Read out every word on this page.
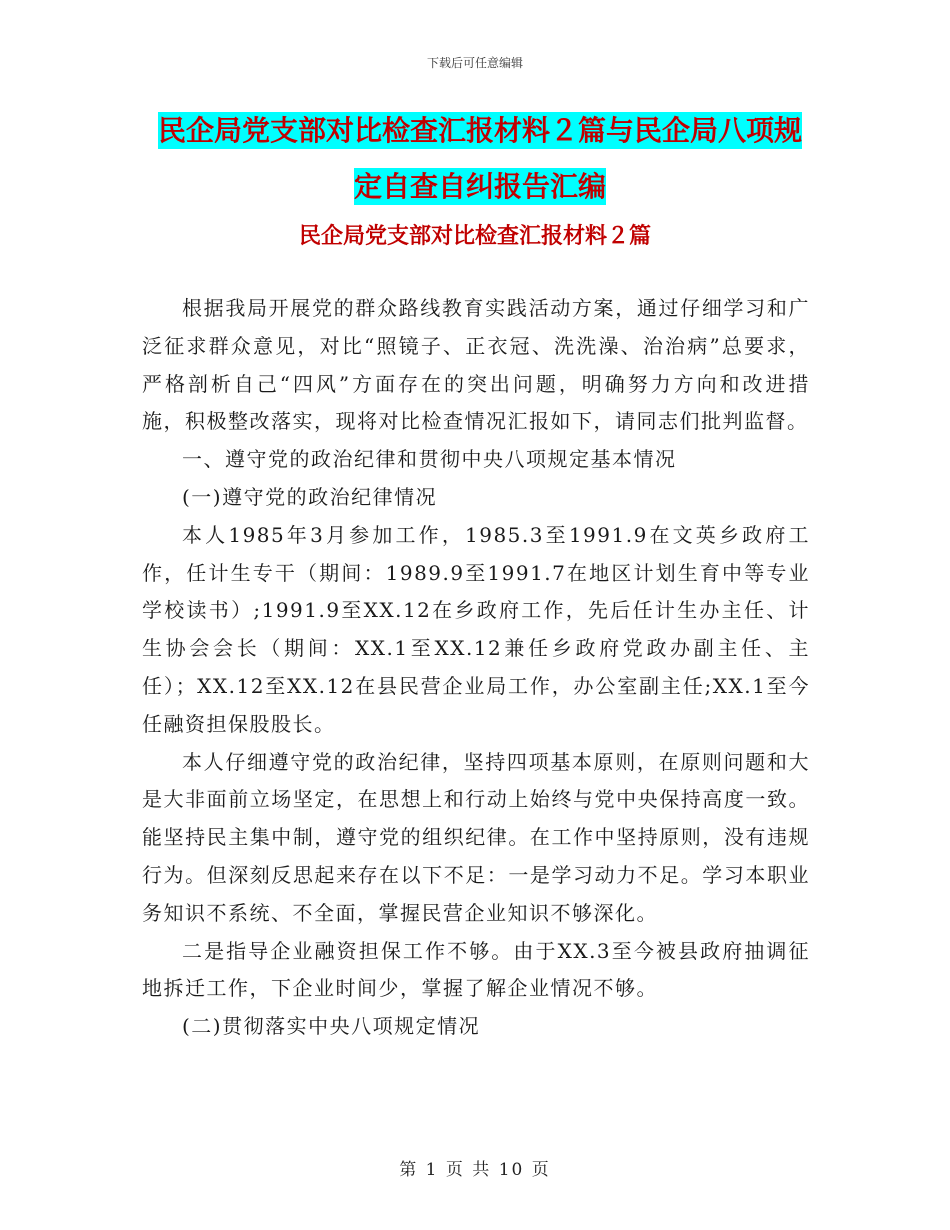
下载后可任意编辑
民企局党支部对比检查汇报材料２篇与民企局八项规
定自查自纠报告汇编
民企局党支部对比检查汇报材料２篇

根据我局开展党的群众路线教育实践活动方案，通过仔细学习和广泛征求群众意见，对比“照镜子、正衣冠、洗洗澡、治治病”总要求，严格剖析自己“四风”方面存在的突出问题，明确努力方向和改进措施，积极整改落实，现将对比检查情况汇报如下，请同志们批判监督。

一、遵守党的政治纪律和贯彻中央八项规定基本情况

(一)遵守党的政治纪律情况

本人1985年3月参加工作，1985.3至1991.9在文英乡政府工作，任计生专干（期间：1989.9至1991.7在地区计划生育中等专业学校读书）;1991.9至XX.12在乡政府工作，先后任计生办主任、计生协会会长（期间：XX.1至XX.12兼任乡政府党政办副主任、主任）；XX.12至XX.12在县民营企业局工作，办公室副主任;XX.1至今任融资担保股股长。

本人仔细遵守党的政治纪律，坚持四项基本原则，在原则问题和大是大非面前立场坚定，在思想上和行动上始终与党中央保持高度一致。能坚持民主集中制，遵守党的组织纪律。在工作中坚持原则，没有违规行为。但深刻反思起来存在以下不足：一是学习动力不足。学习本职业务知识不系统、不全面，掌握民营企业知识不够深化。

二是指导企业融资担保工作不够。由于XX.3至今被县政府抽调征地拆迁工作，下企业时间少，掌握了解企业情况不够。

(二)贯彻落实中央八项规定情况

第 1 页 共 10 页
